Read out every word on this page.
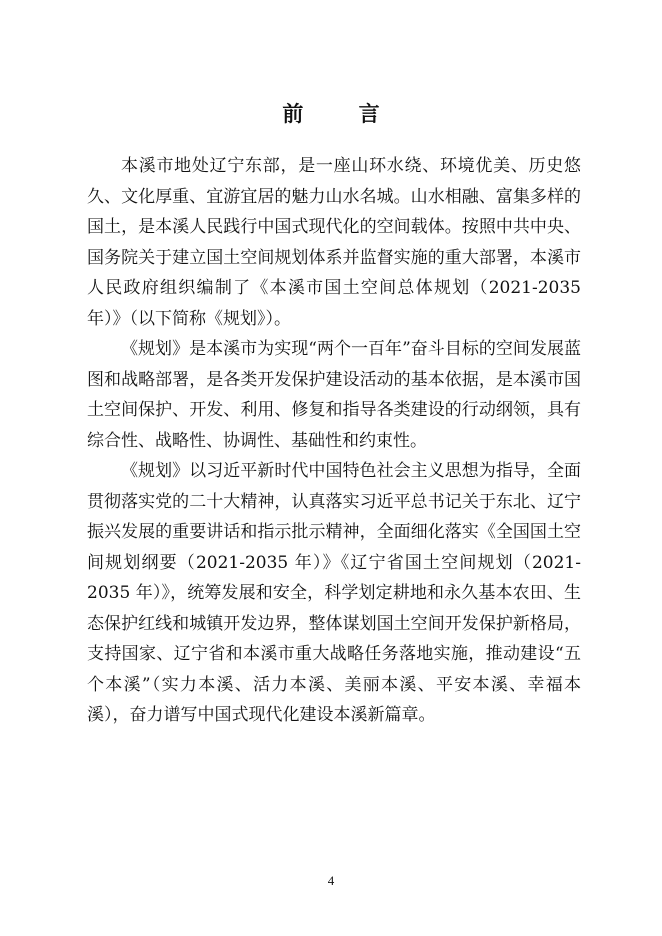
前 言

本溪市地处辽宁东部，是一座山环水绕、环境优美、历史悠久、文化厚重、宜游宜居的魅力山水名城。山水相融、富集多样的国土，是本溪人民践行中国式现代化的空间载体。按照中共中央、国务院关于建立国土空间规划体系并监督实施的重大部署，本溪市人民政府组织编制了《本溪市国土空间总体规划（2021-2035 年）》（以下简称《规划》）。

《规划》是本溪市为实现“两个一百年”奋斗目标的空间发展蓝图和战略部署，是各类开发保护建设活动的基本依据，是本溪市国土空间保护、开发、利用、修复和指导各类建设的行动纲领，具有综合性、战略性、协调性、基础性和约束性。

《规划》以习近平新时代中国特色社会主义思想为指导，全面贯彻落实党的二十大精神，认真落实习近平总书记关于东北、辽宁振兴发展的重要讲话和指示批示精神，全面细化落实《全国国土空间规划纲要（2021-2035 年）》《辽宁省国土空间规划（2021-2035 年）》，统筹发展和安全，科学划定耕地和永久基本农田、生态保护红线和城镇开发边界，整体谋划国土空间开发保护新格局，支持国家、辽宁省和本溪市重大战略任务落地实施，推动建设“五个本溪”（实力本溪、活力本溪、美丽本溪、平安本溪、幸福本溪），奋力谱写中国式现代化建设本溪新篇章。

4
